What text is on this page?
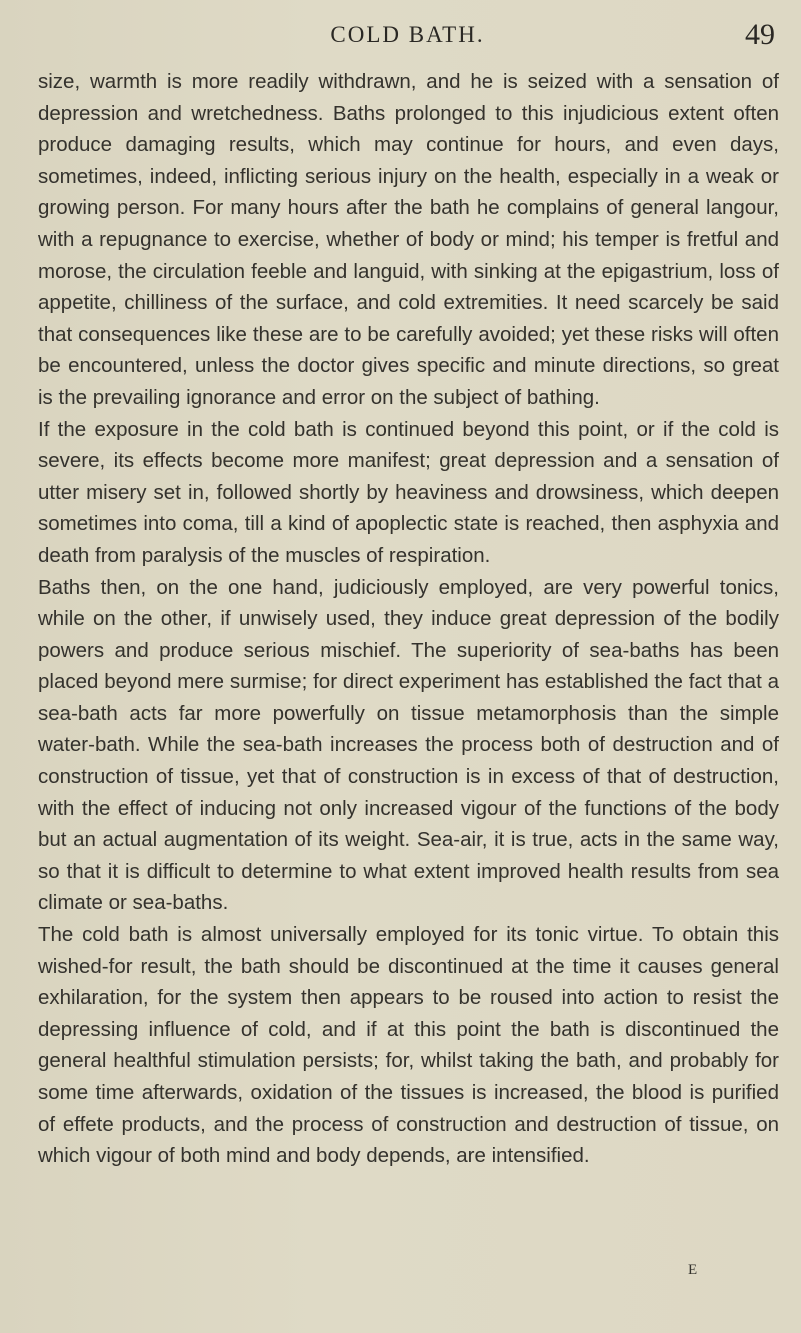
COLD BATH.	49

size, warmth is more readily withdrawn, and he is seized with a sensation of depression and wretchedness. Baths prolonged to this injudicious extent often produce damaging results, which may continue for hours, and even days, sometimes, indeed, inflicting serious injury on the health, especially in a weak or growing person. For many hours after the bath he complains of general langour, with a repugnance to exercise, whether of body or mind; his temper is fretful and morose, the circulation feeble and languid, with sinking at the epigastrium, loss of appetite, chilliness of the surface, and cold extremities. It need scarcely be said that consequences like these are to be carefully avoided; yet these risks will often be encountered, unless the doctor gives specific and minute directions, so great is the prevailing ignorance and error on the subject of bathing.

If the exposure in the cold bath is continued beyond this point, or if the cold is severe, its effects become more manifest; great depression and a sensation of utter misery set in, followed shortly by heaviness and drowsiness, which deepen sometimes into coma, till a kind of apoplectic state is reached, then asphyxia and death from paralysis of the muscles of respiration.

Baths then, on the one hand, judiciously employed, are very powerful tonics, while on the other, if unwisely used, they induce great depression of the bodily powers and produce serious mischief. The superiority of sea-baths has been placed beyond mere surmise; for direct experiment has established the fact that a sea-bath acts far more powerfully on tissue metamorphosis than the simple water-bath. While the sea-bath increases the process both of destruction and of construction of tissue, yet that of construction is in excess of that of destruction, with the effect of inducing not only increased vigour of the functions of the body but an actual augmentation of its weight. Sea-air, it is true, acts in the same way, so that it is difficult to determine to what extent improved health results from sea climate or sea-baths.

The cold bath is almost universally employed for its tonic virtue. To obtain this wished-for result, the bath should be discontinued at the time it causes general exhilaration, for the system then appears to be roused into action to resist the depressing influence of cold, and if at this point the bath is discontinued the general healthful stimulation persists; for, whilst taking the bath, and probably for some time afterwards, oxidation of the tissues is increased, the blood is purified of effete products, and the process of construction and destruction of tissue, on which vigour of both mind and body depends, are intensified.

E
